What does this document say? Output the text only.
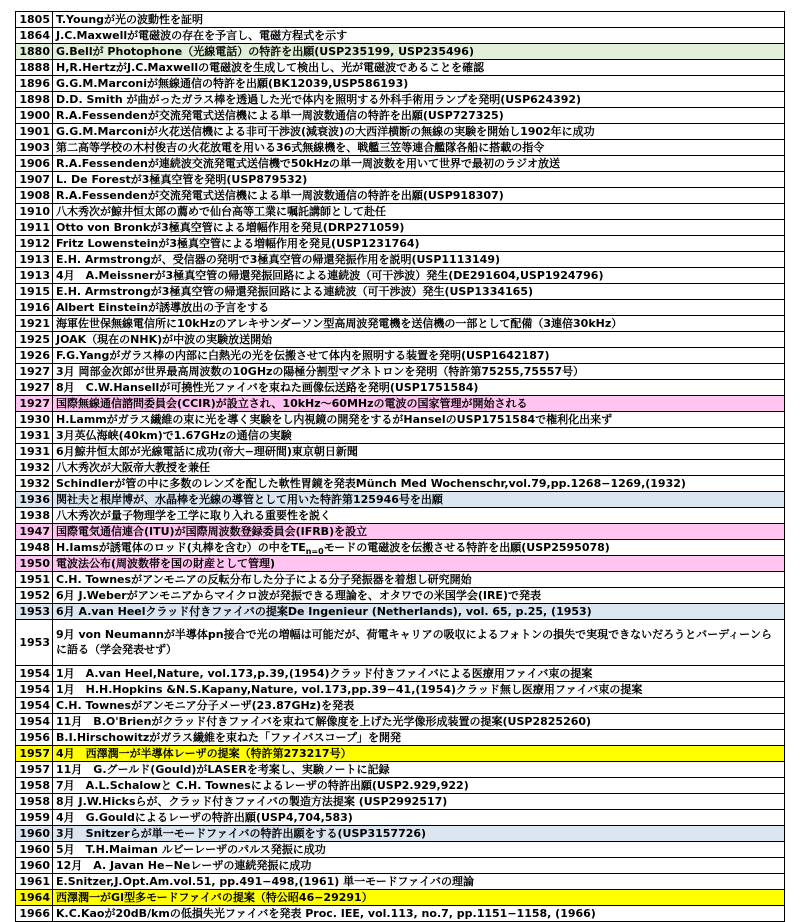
1805	T.Youngが光の波動性を証明
1864	J.C.Maxwellが電磁波の存在を予言し、電磁方程式を示す
1880	G.Bellが Photophone（光線電話）の特許を出願(USP235199, USP235496)
1888	H,R.HertzがJ.C.Maxwellの電磁波を生成して検出し、光が電磁波であることを確認
1896	G.G.M.Marconiが無線通信の特許を出願(BK12039,USP586193)
1898	D.D. Smith が曲がったガラス棒を透過した光で体内を照明する外科手術用ランプを発明(USP624392)
1900	R.A.Fessendenが交流発電式送信機による単一周波数通信の特許を出願(USP727325)
1901	G.G.M.Marconiが火花送信機による非可干渉波(減衰波)の大西洋横断の無線の実験を開始し1902年に成功
1903	第二高等学校の木村俊吉の火花放電を用いる36式無線機を、戦艦三笠等連合艦隊各船に搭載の指令
1906	R.A.Fessendenが連続波交流発電式送信機で50kHzの単一周波数を用いて世界で最初のラジオ放送
1907	L. De Forestが3極真空管を発明(USP879532)
1908	R.A.Fessendenが交流発電式送信機による単一周波数通信の特許を出願(USP918307)
1910	八木秀次が鯨井恒太郎の薦めで仙台高等工業に嘱託講師として赴任
1911	Otto von Bronkが3極真空管による増幅作用を発見(DRP271059)
1912	Fritz Lowensteinが3極真空管による増幅作用を発見(USP1231764)
1913	E.H. Armstrongが、受信器の発明で3極真空管の帰還発振作用を説明(USP1113149)
1913	4月　A.Meissnerが3極真空管の帰還発振回路による連続波（可干渉波）発生(DE291604,USP1924796)
1915	E.H. Armstrongが3極真空管の帰還発振回路による連続波（可干渉波）発生(USP1334165)
1916	Albert Einsteinが誘導放出の予言をする
1921	海軍佐世保無線電信所に10kHzのアレキサンダーソン型高周波発電機を送信機の一部として配備（3連倍30kHz）
1925	JOAK（現在のNHK)が中波の実験放送開始
1926	F.G.Yangがガラス棒の内部に白熱光の光を伝搬させて体内を照明する装置を発明(USP1642187)
1927	3月 岡部金次郎が世界最高周波数の10GHzの陽極分割型マグネトロンを発明（特許第75255,75557号）
1927	8月　C.W.Hansellが可撓性光ファイバを束ねた画像伝送路を発明(USP1751584)
1927	国際無線通信諮問委員会(CCIR)が設立され、10kHz～60MHzの電波の国家管理が開始される
1930	H.Lammがガラス繊維の束に光を導く実験をし内視鏡の開発をするがHanselのUSP1751584で権利化出来ず
1931	3月英仏海峡(40km)で1.67GHzの通信の実験
1931	6月鯨井恒太郎が光線電話に成功(帝大−理研間)東京朝日新聞
1932	八木秀次が大阪帝大教授を兼任
1932	Schindlerが管の中に多数のレンズを配した軟性胃鏡を発表Münch Med Wochenschr,vol.79,pp.1268−1269,(1932)
1936	関社夫と根岸博が、水晶棒を光線の導管として用いた特許第125946号を出願
1938	八木秀次が量子物理学を工学に取り入れる重要性を説く
1947	国際電気通信連合(ITU)が国際周波数登録委員会(IFRB)を設立
1948	H.Iamsが誘電体のロッド(丸棒を含む）の中を$TE_{n=0}$モードの電磁波を伝搬させる特許を出願(USP2595078)
1950	電波法公布(周波数帯を国の財産として管理)
1951	C.H. Townesがアンモニアの反転分布した分子による分子発振器を着想し研究開始
1952	6月 J.Weberがアンモニアからマイクロ波が発振できる理論を、オタワでの米国学会(IRE)で発表
1953	6月 A.van Heelクラッド付きファイバの提案De Ingenieur (Netherlands), vol. 65, p.25, (1953)
1953	9月 von Neumannが半導体pn接合で光の増幅は可能だが、荷電キャリアの吸収によるフォトンの損失で実現できないだろうとバーディーンらに語る（学会発表せず）
1954	1月　A.van Heel,Nature, vol.173,p.39,(1954)クラッド付きファイバによる医療用ファイバ束の提案
1954	1月　H.H.Hopkins &N.S.Kapany,Nature, vol.173,pp.39−41,(1954)クラッド無し医療用ファイバ束の提案
1954	C.H. Townesがアンモニア分子メーザ(23.87GHz)を発表
1954	11月　B.O'Brienがクラッド付きファイバを束ねて解像度を上げた光学像形成装置の提案(USP2825260)
1956	B.I.Hirschowitzがガラス繊維を束ねた「ファイバスコープ」を開発
1957	4月　西澤潤一が半導体レーザの提案（特許第273217号）
1957	11月　G.グールド(Gould)がLASERを考案し、実験ノートに記録
1958	7月　A.L.Schalowと C.H. Townesによるレーザの特許出願(USP2.929,922)
1958	8月 J.W.Hicksらが、クラッド付きファイバの製造方法提案 (USP2992517)
1959	4月　G.Gouldによるレーザの特許出願(USP4,704,583)
1960	3月　Snitzerらが単一モードファイバの特許出願をする(USP3157726)
1960	5月　T.H.Maiman ルビーレーザのパルス発振に成功
1960	12月　A. Javan He−Neレーザの連続発振に成功
1961	E.Snitzer,J.Opt.Am.vol.51, pp.491−498,(1961) 単一モードファイバの理論
1964	西澤潤一がGI型多モードファイバの提案（特公昭46−29291）
1966	K.C.Kaoが20dB/kmの低損失光ファイバを発表 Proc. IEE, vol.113, no.7, pp.1151−1158, (1966)
